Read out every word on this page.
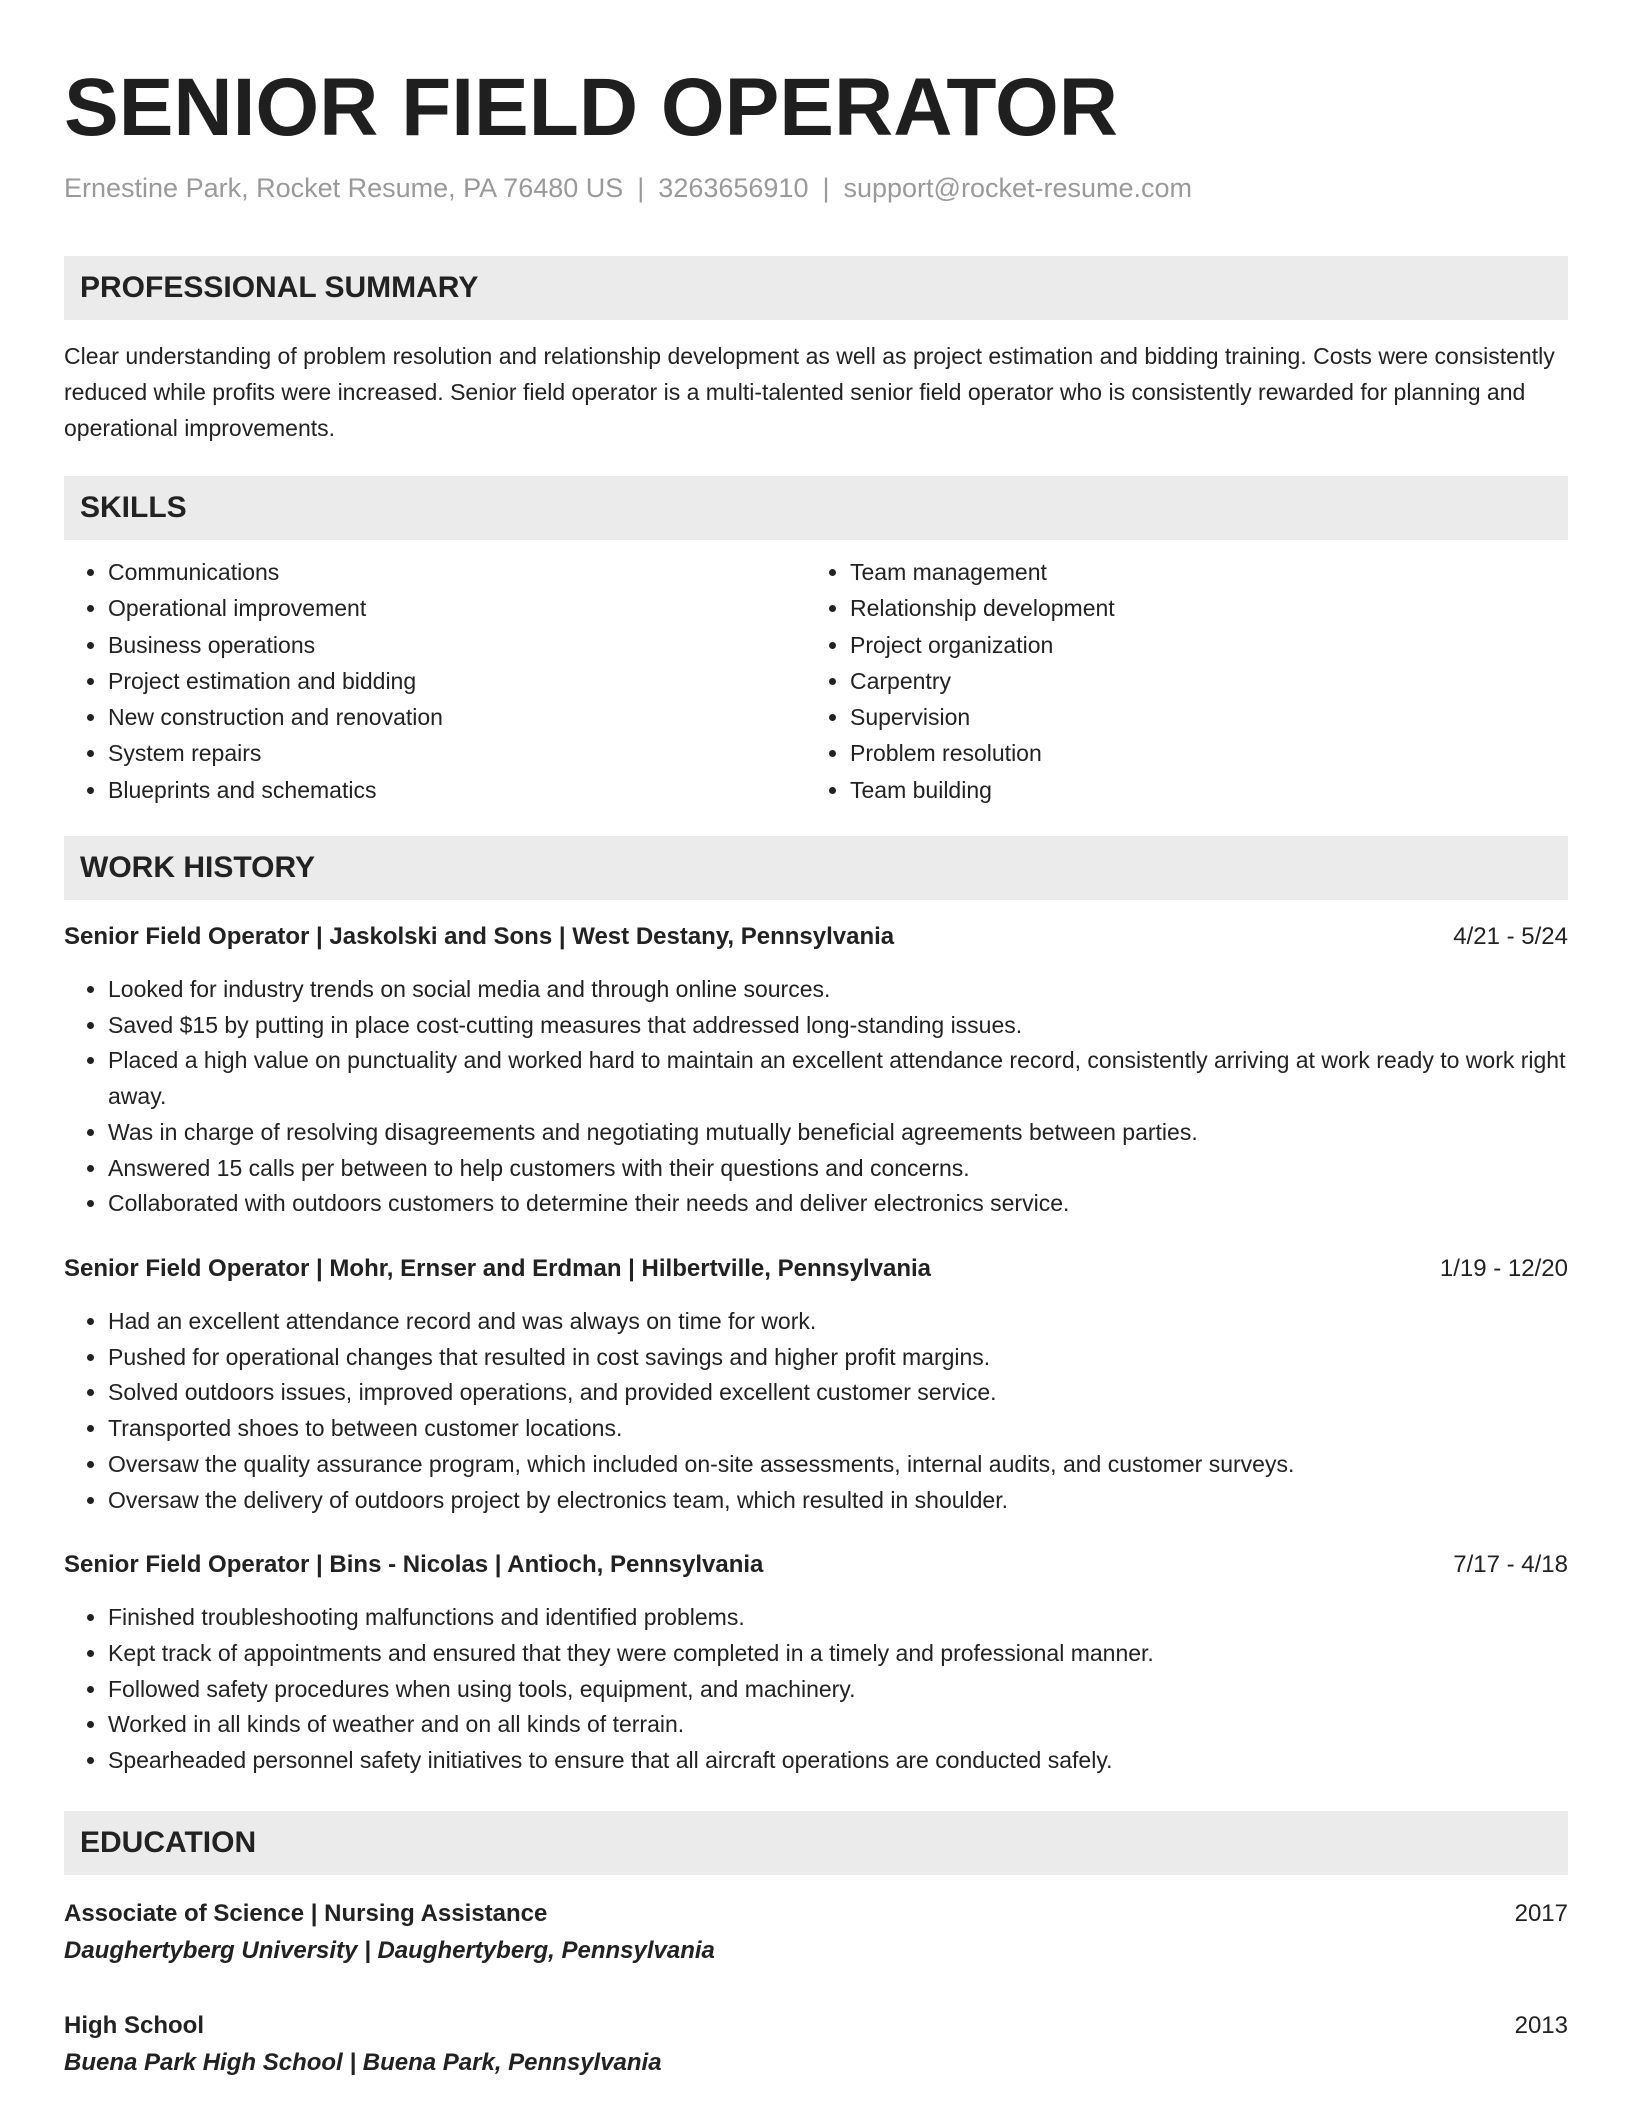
SENIOR FIELD OPERATOR
Ernestine Park, Rocket Resume, PA 76480 US | 3263656910 | support@rocket-resume.com
PROFESSIONAL SUMMARY
Clear understanding of problem resolution and relationship development as well as project estimation and bidding training. Costs were consistently reduced while profits were increased. Senior field operator is a multi-talented senior field operator who is consistently rewarded for planning and operational improvements.
SKILLS
• Communications
• Operational improvement
• Business operations
• Project estimation and bidding
• New construction and renovation
• System repairs
• Blueprints and schematics
• Team management
• Relationship development
• Project organization
• Carpentry
• Supervision
• Problem resolution
• Team building
WORK HISTORY
Senior Field Operator | Jaskolski and Sons | West Destany, Pennsylvania	4/21 - 5/24
• Looked for industry trends on social media and through online sources.
• Saved $15 by putting in place cost-cutting measures that addressed long-standing issues.
• Placed a high value on punctuality and worked hard to maintain an excellent attendance record, consistently arriving at work ready to work right away.
• Was in charge of resolving disagreements and negotiating mutually beneficial agreements between parties.
• Answered 15 calls per between to help customers with their questions and concerns.
• Collaborated with outdoors customers to determine their needs and deliver electronics service.
Senior Field Operator | Mohr, Ernser and Erdman | Hilbertville, Pennsylvania	1/19 - 12/20
• Had an excellent attendance record and was always on time for work.
• Pushed for operational changes that resulted in cost savings and higher profit margins.
• Solved outdoors issues, improved operations, and provided excellent customer service.
• Transported shoes to between customer locations.
• Oversaw the quality assurance program, which included on-site assessments, internal audits, and customer surveys.
• Oversaw the delivery of outdoors project by electronics team, which resulted in shoulder.
Senior Field Operator | Bins - Nicolas | Antioch, Pennsylvania	7/17 - 4/18
• Finished troubleshooting malfunctions and identified problems.
• Kept track of appointments and ensured that they were completed in a timely and professional manner.
• Followed safety procedures when using tools, equipment, and machinery.
• Worked in all kinds of weather and on all kinds of terrain.
• Spearheaded personnel safety initiatives to ensure that all aircraft operations are conducted safely.
EDUCATION
Associate of Science | Nursing Assistance	2017
Daughertyberg University | Daughertyberg, Pennsylvania
High School	2013
Buena Park High School | Buena Park, Pennsylvania
